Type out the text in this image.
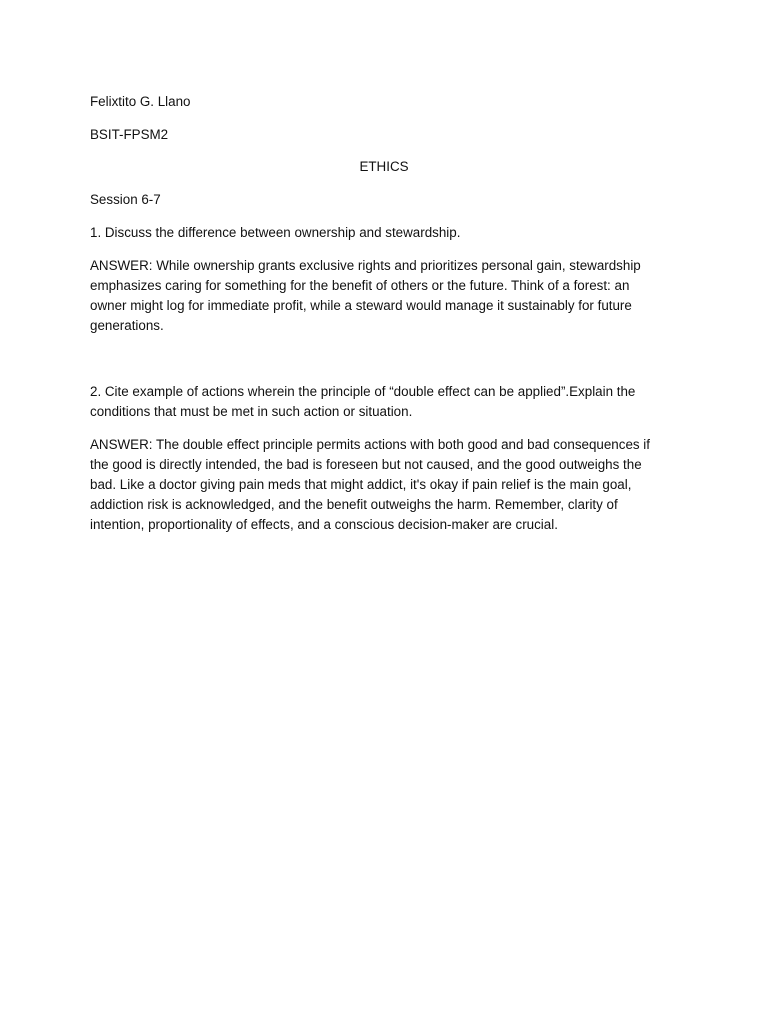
Felixtito G. Llano

BSIT-FPSM2

ETHICS

Session 6-7

1. Discuss the difference between ownership and stewardship.

ANSWER: While ownership grants exclusive rights and prioritizes personal gain, stewardship
emphasizes caring for something for the benefit of others or the future. Think of a forest: an
owner might log for immediate profit, while a steward would manage it sustainably for future
generations.
2. Cite example of actions wherein the principle of “double effect can be applied”.Explain the
conditions that must be met in such action or situation.
ANSWER: The double effect principle permits actions with both good and bad consequences if
the good is directly intended, the bad is foreseen but not caused, and the good outweighs the
bad. Like a doctor giving pain meds that might addict, it's okay if pain relief is the main goal,
addiction risk is acknowledged, and the benefit outweighs the harm. Remember, clarity of
intention, proportionality of effects, and a conscious decision-maker are crucial.
